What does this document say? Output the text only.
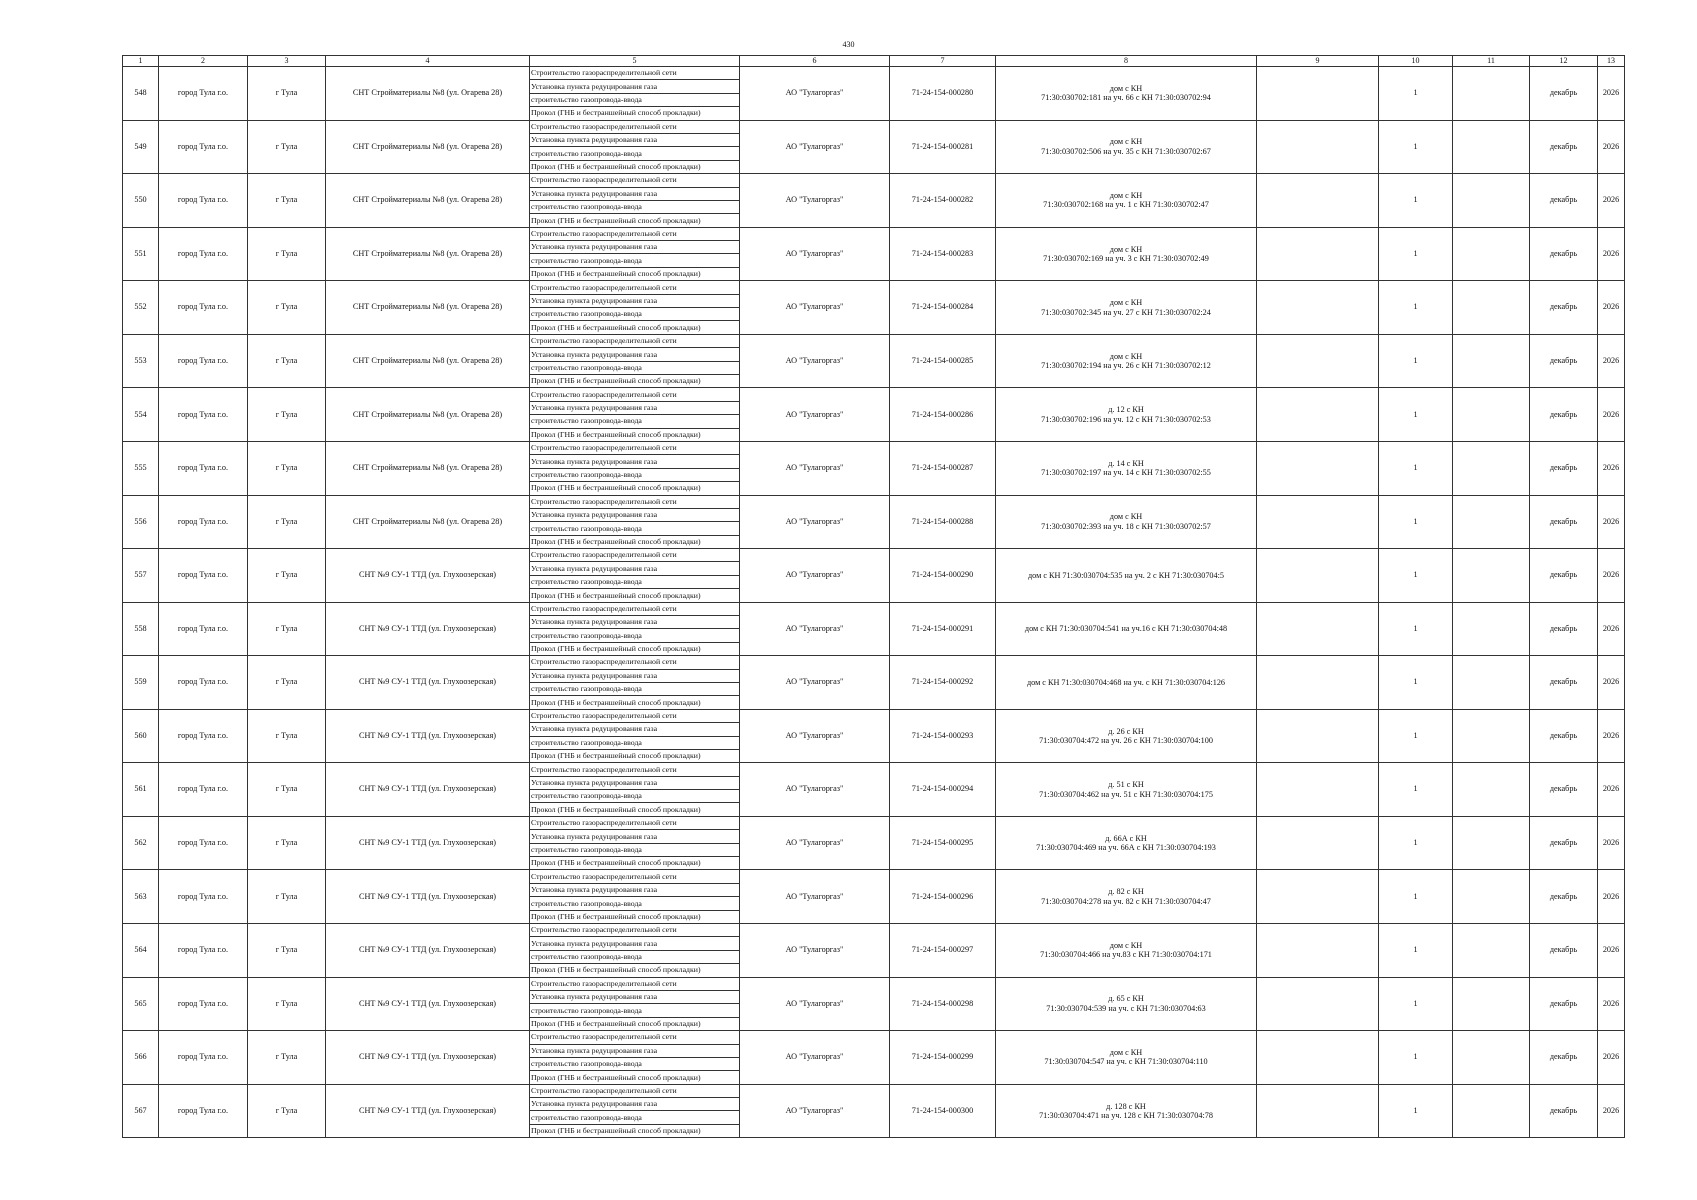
430
1	2	3	4	5	6	7	8	9	10	11	12	13
548	город Тула г.о.	г Тула	СНТ Стройматериалы №8 (ул. Огарева 28)	Строительство газораспределительной сети	АО "Тулагоргаз"	71-24-154-000280	дом с КН
71:30:030702:181 на уч. 66 с КН 71:30:030702:94		1		декабрь	2026
				Установка пункта редуцирования газа								
				строительство газопровода-ввода								
				Прокол (ГНБ и бестраншейный способ прокладки)								
549	город Тула г.о.	г Тула	СНТ Стройматериалы №8 (ул. Огарева 28)	Строительство газораспределительной сети	АО "Тулагоргаз"	71-24-154-000281	дом с КН
71:30:030702:506 на уч. 35 с КН 71:30:030702:67		1		декабрь	2026
				Установка пункта редуцирования газа								
				строительство газопровода-ввода								
				Прокол (ГНБ и бестраншейный способ прокладки)								
550	город Тула г.о.	г Тула	СНТ Стройматериалы №8 (ул. Огарева 28)	Строительство газораспределительной сети	АО "Тулагоргаз"	71-24-154-000282	дом с КН
71:30:030702:168 на уч. 1 с КН 71:30:030702:47		1		декабрь	2026
				Установка пункта редуцирования газа								
				строительство газопровода-ввода								
				Прокол (ГНБ и бестраншейный способ прокладки)								
551	город Тула г.о.	г Тула	СНТ Стройматериалы №8 (ул. Огарева 28)	Строительство газораспределительной сети	АО "Тулагоргаз"	71-24-154-000283	дом с КН
71:30:030702:169 на уч. 3 с КН 71:30:030702:49		1		декабрь	2026
				Установка пункта редуцирования газа								
				строительство газопровода-ввода								
				Прокол (ГНБ и бестраншейный способ прокладки)								
552	город Тула г.о.	г Тула	СНТ Стройматериалы №8 (ул. Огарева 28)	Строительство газораспределительной сети	АО "Тулагоргаз"	71-24-154-000284	дом с КН
71:30:030702:345 на уч. 27 с КН 71:30:030702:24		1		декабрь	2026
				Установка пункта редуцирования газа								
				строительство газопровода-ввода								
				Прокол (ГНБ и бестраншейный способ прокладки)								
553	город Тула г.о.	г Тула	СНТ Стройматериалы №8 (ул. Огарева 28)	Строительство газораспределительной сети	АО "Тулагоргаз"	71-24-154-000285	дом с КН
71:30:030702:194 на уч. 26 с КН 71:30:030702:12		1		декабрь	2026
				Установка пункта редуцирования газа								
				строительство газопровода-ввода								
				Прокол (ГНБ и бестраншейный способ прокладки)								
554	город Тула г.о.	г Тула	СНТ Стройматериалы №8 (ул. Огарева 28)	Строительство газораспределительной сети	АО "Тулагоргаз"	71-24-154-000286	д. 12 с КН
71:30:030702:196 на уч. 12 с КН 71:30:030702:53		1		декабрь	2026
				Установка пункта редуцирования газа								
				строительство газопровода-ввода								
				Прокол (ГНБ и бестраншейный способ прокладки)								
555	город Тула г.о.	г Тула	СНТ Стройматериалы №8 (ул. Огарева 28)	Строительство газораспределительной сети	АО "Тулагоргаз"	71-24-154-000287	д. 14 с КН
71:30:030702:197 на уч. 14 с КН 71:30:030702:55		1		декабрь	2026
				Установка пункта редуцирования газа								
				строительство газопровода-ввода								
				Прокол (ГНБ и бестраншейный способ прокладки)								
556	город Тула г.о.	г Тула	СНТ Стройматериалы №8 (ул. Огарева 28)	Строительство газораспределительной сети	АО "Тулагоргаз"	71-24-154-000288	дом с КН
71:30:030702:393 на уч. 18 с КН 71:30:030702:57		1		декабрь	2026
				Установка пункта редуцирования газа								
				строительство газопровода-ввода								
				Прокол (ГНБ и бестраншейный способ прокладки)								
557	город Тула г.о.	г Тула	СНТ №9 СУ-1 ТТД (ул. Глухоозерская)	Строительство газораспределительной сети	АО "Тулагоргаз"	71-24-154-000290	дом с КН 71:30:030704:535 на уч. 2 с КН 71:30:030704:5		1		декабрь	2026
				Установка пункта редуцирования газа								
				строительство газопровода-ввода								
				Прокол (ГНБ и бестраншейный способ прокладки)								
558	город Тула г.о.	г Тула	СНТ №9 СУ-1 ТТД (ул. Глухоозерская)	Строительство газораспределительной сети	АО "Тулагоргаз"	71-24-154-000291	дом с КН 71:30:030704:541 на уч.16 с КН 71:30:030704:48		1		декабрь	2026
				Установка пункта редуцирования газа								
				строительство газопровода-ввода								
				Прокол (ГНБ и бестраншейный способ прокладки)								
559	город Тула г.о.	г Тула	СНТ №9 СУ-1 ТТД (ул. Глухоозерская)	Строительство газораспределительной сети	АО "Тулагоргаз"	71-24-154-000292	дом с КН 71:30:030704:468 на уч. с КН 71:30:030704:126		1		декабрь	2026
				Установка пункта редуцирования газа								
				строительство газопровода-ввода								
				Прокол (ГНБ и бестраншейный способ прокладки)								
560	город Тула г.о.	г Тула	СНТ №9 СУ-1 ТТД (ул. Глухоозерская)	Строительство газораспределительной сети	АО "Тулагоргаз"	71-24-154-000293	д. 26 с КН
71:30:030704:472 на уч. 26 с КН 71:30:030704:100		1		декабрь	2026
				Установка пункта редуцирования газа								
				строительство газопровода-ввода								
				Прокол (ГНБ и бестраншейный способ прокладки)								
561	город Тула г.о.	г Тула	СНТ №9 СУ-1 ТТД (ул. Глухоозерская)	Строительство газораспределительной сети	АО "Тулагоргаз"	71-24-154-000294	д. 51 с КН
71:30:030704:462 на уч. 51 с КН 71:30:030704:175		1		декабрь	2026
				Установка пункта редуцирования газа								
				строительство газопровода-ввода								
				Прокол (ГНБ и бестраншейный способ прокладки)								
562	город Тула г.о.	г Тула	СНТ №9 СУ-1 ТТД (ул. Глухоозерская)	Строительство газораспределительной сети	АО "Тулагоргаз"	71-24-154-000295	д. 66А с КН
71:30:030704:469 на уч. 66А с КН 71:30:030704:193		1		декабрь	2026
				Установка пункта редуцирования газа								
				строительство газопровода-ввода								
				Прокол (ГНБ и бестраншейный способ прокладки)								
563	город Тула г.о.	г Тула	СНТ №9 СУ-1 ТТД (ул. Глухоозерская)	Строительство газораспределительной сети	АО "Тулагоргаз"	71-24-154-000296	д. 82 с КН
71:30:030704:278 на уч. 82 с КН 71:30:030704:47		1		декабрь	2026
				Установка пункта редуцирования газа								
				строительство газопровода-ввода								
				Прокол (ГНБ и бестраншейный способ прокладки)								
564	город Тула г.о.	г Тула	СНТ №9 СУ-1 ТТД (ул. Глухоозерская)	Строительство газораспределительной сети	АО "Тулагоргаз"	71-24-154-000297	дом с КН
71:30:030704:466 на уч.83 с КН 71:30:030704:171		1		декабрь	2026
				Установка пункта редуцирования газа								
				строительство газопровода-ввода								
				Прокол (ГНБ и бестраншейный способ прокладки)								
565	город Тула г.о.	г Тула	СНТ №9 СУ-1 ТТД (ул. Глухоозерская)	Строительство газораспределительной сети	АО "Тулагоргаз"	71-24-154-000298	д. 65 с КН
71:30:030704:539 на уч. с КН 71:30:030704:63		1		декабрь	2026
				Установка пункта редуцирования газа								
				строительство газопровода-ввода								
				Прокол (ГНБ и бестраншейный способ прокладки)								
566	город Тула г.о.	г Тула	СНТ №9 СУ-1 ТТД (ул. Глухоозерская)	Строительство газораспределительной сети	АО "Тулагоргаз"	71-24-154-000299	дом с КН
71:30:030704:547 на уч. с КН 71:30:030704:110		1		декабрь	2026
				Установка пункта редуцирования газа								
				строительство газопровода-ввода								
				Прокол (ГНБ и бестраншейный способ прокладки)								
567	город Тула г.о.	г Тула	СНТ №9 СУ-1 ТТД (ул. Глухоозерская)	Строительство газораспределительной сети	АО "Тулагоргаз"	71-24-154-000300	д. 128 с КН
71:30:030704:471 на уч. 128 с КН 71:30:030704:78		1		декабрь	2026
				Установка пункта редуцирования газа								
				строительство газопровода-ввода								
				Прокол (ГНБ и бестраншейный способ прокладки)								
